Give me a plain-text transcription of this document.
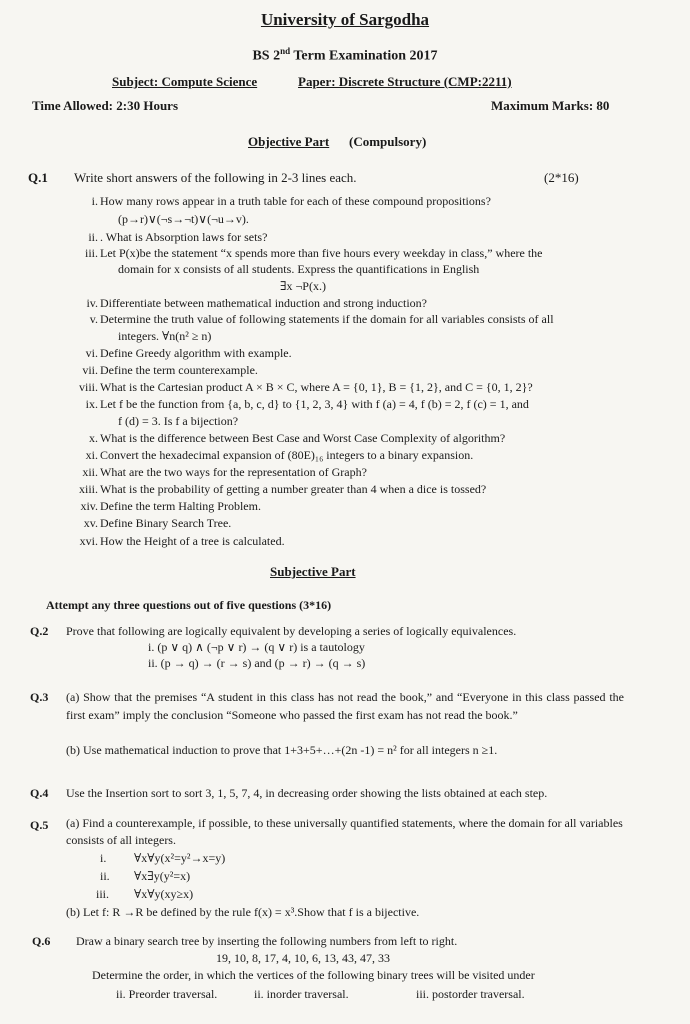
University of Sargodha
BS 2nd Term Examination 2017
Subject: Compute Science	Paper: Discrete Structure (CMP:2211)
Time Allowed: 2:30 Hours	Maximum Marks: 80
Objective Part (Compulsory)
Q.1 Write short answers of the following in 2-3 lines each.	(2*16)
i. How many rows appear in a truth table for each of these compound propositions?
(p→r)∨(¬s→¬t)∨(¬u→v).
ii. . What is Absorption laws for sets?
iii. Let P(x)be the statement “x spends more than five hours every weekday in class,” where the
domain for x consists of all students. Express the quantifications in English
∃x ¬P(x.)
iv. Differentiate between mathematical induction and strong induction?
v. Determine the truth value of following statements if the domain for all variables consists of all
integers. ∀n(n² ≥ n)
vi. Define Greedy algorithm with example.
vii. Define the term counterexample.
viii. What is the Cartesian product A × B × C, where A = {0, 1}, B = {1, 2}, and C = {0, 1, 2}?
ix. Let f be the function from {a, b, c, d} to {1, 2, 3, 4} with f (a) = 4, f (b) = 2, f (c) = 1, and
f (d) = 3. Is f a bijection?
x. What is the difference between Best Case and Worst Case Complexity of algorithm?
xi. Convert the hexadecimal expansion of (80E)₁₆ integers to a binary expansion.
xii. What are the two ways for the representation of Graph?
xiii. What is the probability of getting a number greater than 4 when a dice is tossed?
xiv. Define the term Halting Problem.
xv. Define Binary Search Tree.
xvi. How the Height of a tree is calculated.
Subjective Part
Attempt any three questions out of five questions (3*16)
Q.2 Prove that following are logically equivalent by developing a series of logically equivalences.
i. (p ∨ q) ∧ (¬p ∨ r) → (q ∨ r) is a tautology
ii. (p → q) → (r → s) and (p → r) → (q → s)
Q.3 (a) Show that the premises “A student in this class has not read the book,” and “Everyone in this class passed the first exam” imply the conclusion “Someone who passed the first exam has not read the book.”
(b) Use mathematical induction to prove that 1+3+5+…+(2n -1) = n² for all integers n ≥1.
Q.4 Use the Insertion sort to sort 3, 1, 5, 7, 4, in decreasing order showing the lists obtained at each step.
Q.5 (a) Find a counterexample, if possible, to these universally quantified statements, where the domain for all variables consists of all integers.
i. ∀x∀y(x²=y²→x=y)
ii. ∀x∃y(y²=x)
iii. ∀x∀y(xy≥x)
(b) Let f: R →R be defined by the rule f(x) = x³.Show that f is a bijective.
Q.6 Draw a binary search tree by inserting the following numbers from left to right.
19, 10, 8, 17, 4, 10, 6, 13, 43, 47, 33
Determine the order, in which the vertices of the following binary trees will be visited under
ii. Preorder traversal.	ii. inorder traversal.	iii. postorder traversal.
